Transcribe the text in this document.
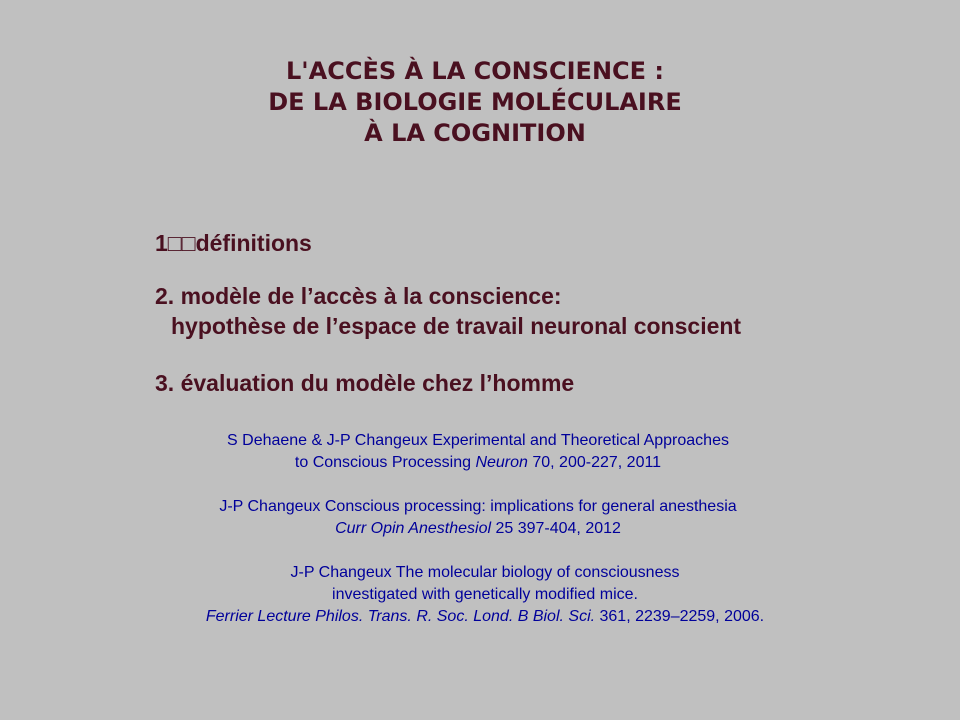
L'ACCÈS À LA CONSCIENCE :
DE LA BIOLOGIE MOLÉCULAIRE
À LA COGNITION
1□□définitions
2. modèle de l’accès à la conscience:
hypothèse de l’espace de travail neuronal conscient
3. évaluation du modèle chez l’homme
S Dehaene & J-P Changeux Experimental and Theoretical Approaches
to Conscious Processing Neuron 70, 200-227, 2011
J-P Changeux Conscious processing: implications for general anesthesia
Curr Opin Anesthesiol 25 397-404, 2012
J-P Changeux The molecular biology of consciousness
investigated with genetically modified mice.
Ferrier Lecture Philos. Trans. R. Soc. Lond. B Biol. Sci. 361, 2239–2259, 2006.
